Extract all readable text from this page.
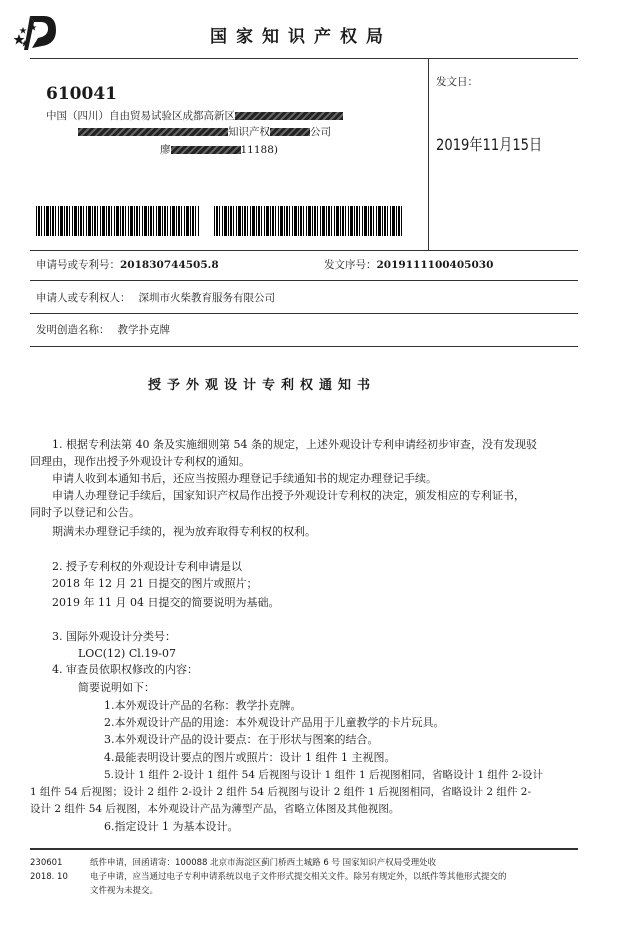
国家知识产权局
610041
中国（四川）自由贸易试验区成都高新区
知识产权	公司
廖	11188)
发文日：
2019年11月15日
申请号或专利号：201830744505.8	发文序号：2019111100405030
申请人或专利权人： 深圳市火柴教育服务有限公司
发明创造名称： 教学扑克牌
授予外观设计专利权通知书
1. 根据专利法第 40 条及实施细则第 54 条的规定，上述外观设计专利申请经初步审查，没有发现驳
回理由，现作出授予外观设计专利权的通知。
申请人收到本通知书后，还应当按照办理登记手续通知书的规定办理登记手续。
申请人办理登记手续后，国家知识产权局作出授予外观设计专利权的决定，颁发相应的专利证书，
同时予以登记和公告。
期满未办理登记手续的，视为放弃取得专利权的权利。
2. 授予专利权的外观设计专利申请是以
2018 年 12 月 21 日提交的图片或照片；
2019 年 11 月 04 日提交的简要说明为基础。
3. 国际外观设计分类号：
LOC(12) Cl.19-07
4. 审查员依职权修改的内容：
简要说明如下：
1.本外观设计产品的名称：教学扑克牌。
2.本外观设计产品的用途：本外观设计产品用于儿童教学的卡片玩具。
3.本外观设计产品的设计要点：在于形状与图案的结合。
4.最能表明设计要点的图片或照片：设计 1 组件 1 主视图。
5.设计 1 组件 2-设计 1 组件 54 后视图与设计 1 组件 1 后视图相同，省略设计 1 组件 2-设计
1 组件 54 后视图；设计 2 组件 2-设计 2 组件 54 后视图与设计 2 组件 1 后视图相同，省略设计 2 组件 2-
设计 2 组件 54 后视图，本外观设计产品为薄型产品，省略立体图及其他视图。
6.指定设计 1 为基本设计。
230601
2018. 10
纸件申请，回函请寄：100088 北京市海淀区蓟门桥西土城路 6 号 国家知识产权局受理处收
电子申请，应当通过电子专利申请系统以电子文件形式提交相关文件。除另有规定外，以纸件等其他形式提交的
文件视为未提交。
